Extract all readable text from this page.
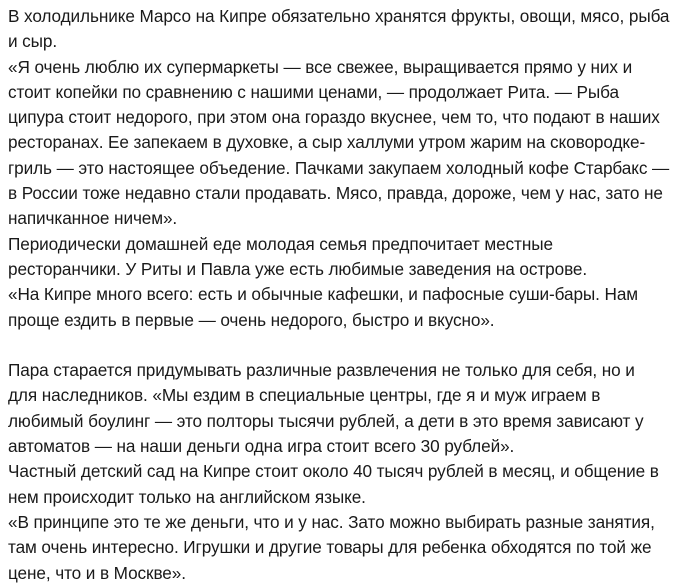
В холодильнике Марсо на Кипре обязательно хранятся фрукты, овощи, мясо, рыба
и сыр.
«Я очень люблю их супермаркеты — все свежее, выращивается прямо у них и
стоит копейки по сравнению с нашими ценами, — продолжает Рита. — Рыба
ципура стоит недорого, при этом она гораздо вкуснее, чем то, что подают в наших
ресторанах. Ее запекаем в духовке, а сыр халлуми утром жарим на сковородке-
гриль — это настоящее объедение. Пачками закупаем холодный кофе Старбакс —
в России тоже недавно стали продавать. Мясо, правда, дороже, чем у нас, зато не
напичканное ничем».
Периодически домашней еде молодая семья предпочитает местные
ресторанчики. У Риты и Павла уже есть любимые заведения на острове.
«На Кипре много всего: есть и обычные кафешки, и пафосные суши-бары. Нам
проще ездить в первые — очень недорого, быстро и вкусно».
Пара старается придумывать различные развлечения не только для себя, но и
для наследников. «Мы ездим в специальные центры, где я и муж играем в
любимый боулинг — это полторы тысячи рублей, а дети в это время зависают у
автоматов — на наши деньги одна игра стоит всего 30 рублей».
Частный детский сад на Кипре стоит около 40 тысяч рублей в месяц, и общение в
нем происходит только на английском языке.
«В принципе это те же деньги, что и у нас. Зато можно выбирать разные занятия,
там очень интересно. Игрушки и другие товары для ребенка обходятся по той же
цене, что и в Москве».
